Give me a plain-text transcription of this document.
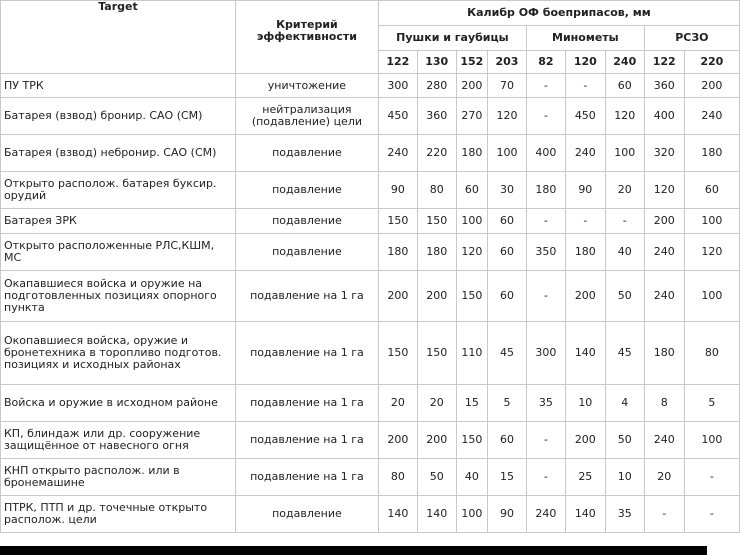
Target	Критерий эффективности	Калибр ОФ боеприпасов, мм								
		Пушки и гаубицы				Минометы			РСЗО	
		122	130	152	203	82	120	240	122	220
ПУ ТРК	уничтожение	300	280	200	70	-	-	60	360	200
Батарея (взвод) бронир. САО (СМ)	нейтрализация (подавление) цели	450	360	270	120	-	450	120	400	240
Батарея (взвод) небронир. САО (СМ)	подавление	240	220	180	100	400	240	100	320	180
Открыто располож. батарея букcир. орудий	подавление	90	80	60	30	180	90	20	120	60
Батарея ЗРК	подавление	150	150	100	60	-	-	-	200	100
Открыто расположенные РЛС,КШМ, МС	подавление	180	180	120	60	350	180	40	240	120
Окапавшиеся войска и оружие на подготовленных позициях опорного пункта	подавление на 1 га	200	200	150	60	-	200	50	240	100
Окопавшиеся войска, оружие и бронетехника в торопливо подготов. позициях и исходных районах	подавление на 1 га	150	150	110	45	300	140	45	180	80
Войска и оружие в исходном районе	подавление на 1 га	20	20	15	5	35	10	4	8	5
КП, блиндаж или др. сооружение защищённое от навесного огня	подавление на 1 га	200	200	150	60	-	200	50	240	100
КНП открыто располож. или в бронемашине	подавление на 1 га	80	50	40	15	-	25	10	20	-
ПТРК, ПТП и др. точечные открыто располож. цели	подавление	140	140	100	90	240	140	35	-	-
